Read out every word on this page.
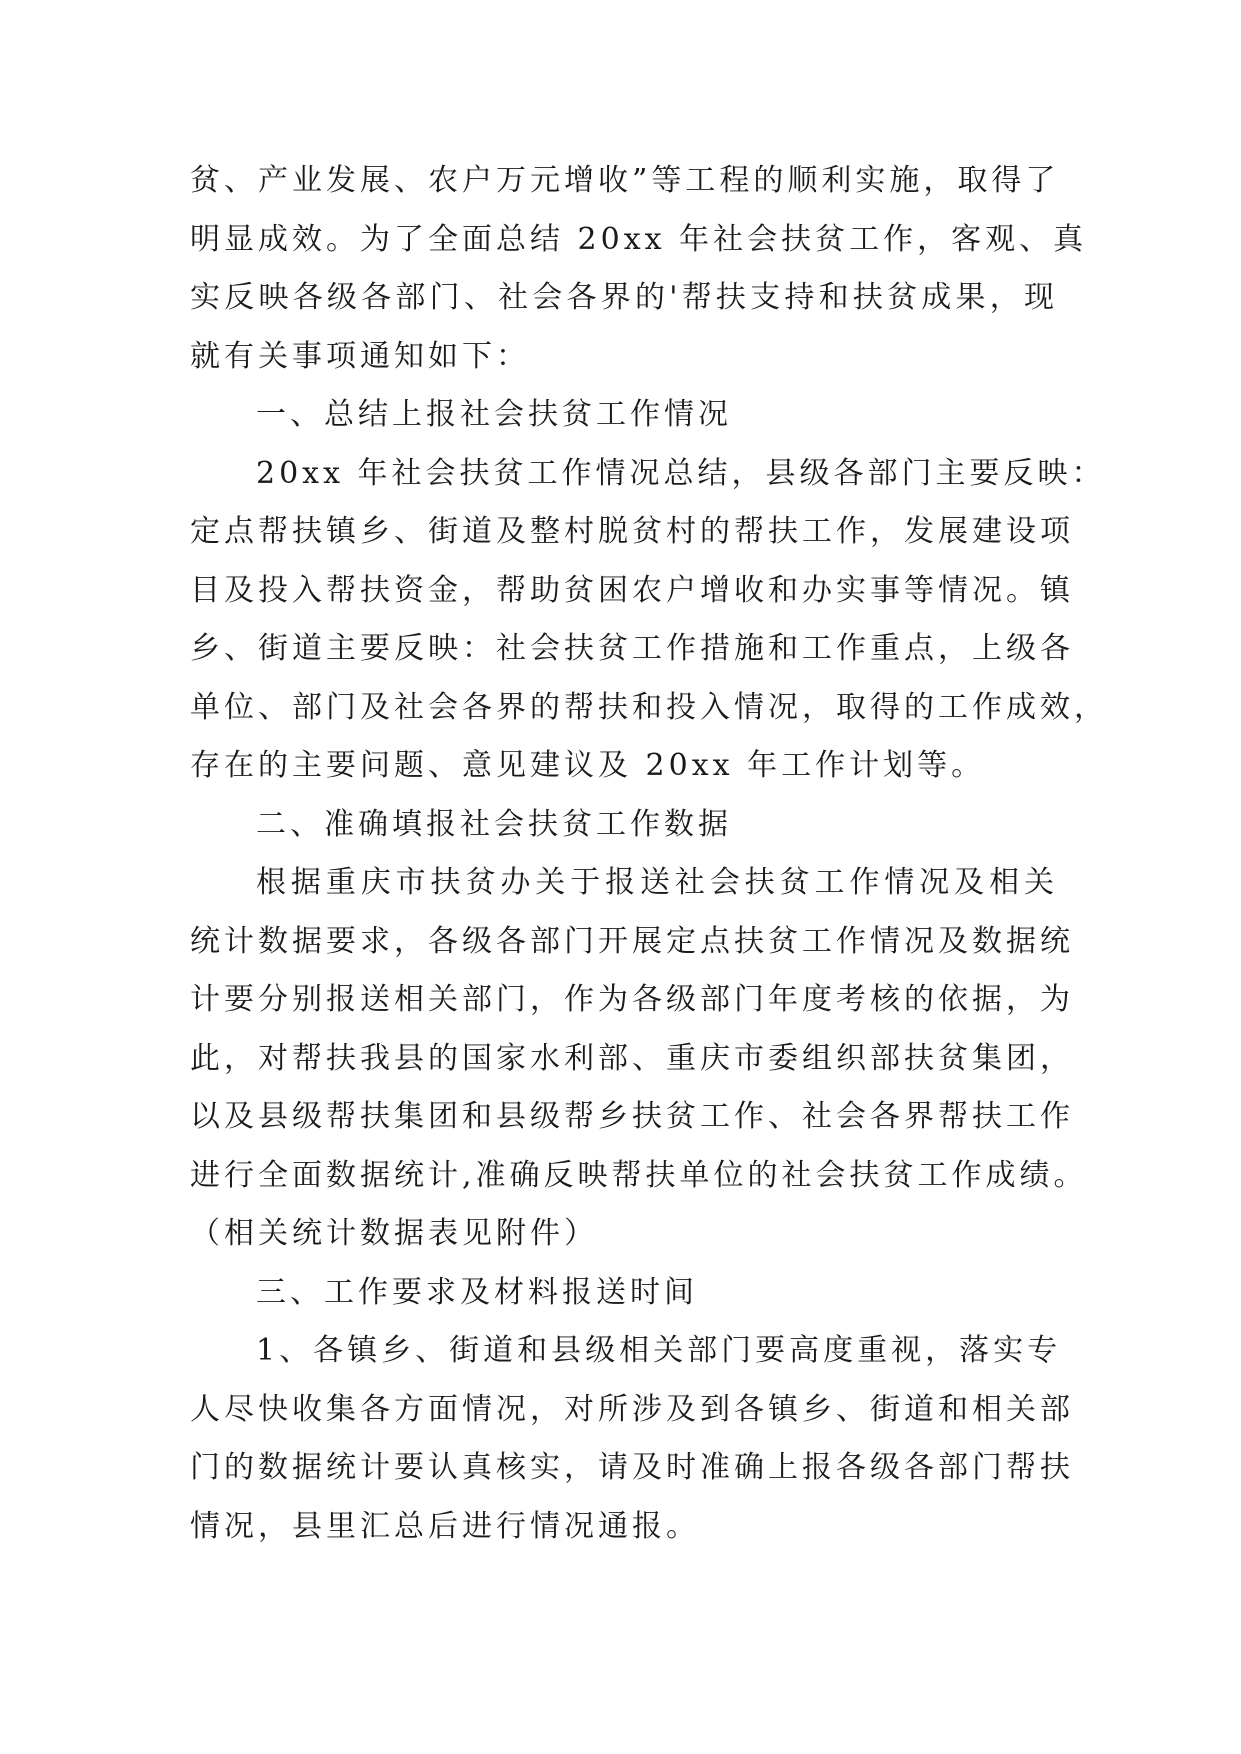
贫、产业发展、农户万元增收”等工程的顺利实施，取得了
明显成效。为了全面总结 20xx 年社会扶贫工作，客观、真
实反映各级各部门、社会各界的'帮扶支持和扶贫成果，现
就有关事项通知如下：
一、总结上报社会扶贫工作情况
20xx 年社会扶贫工作情况总结，县级各部门主要反映：
定点帮扶镇乡、街道及整村脱贫村的帮扶工作，发展建设项
目及投入帮扶资金，帮助贫困农户增收和办实事等情况。镇
乡、街道主要反映：社会扶贫工作措施和工作重点，上级各
单位、部门及社会各界的帮扶和投入情况，取得的工作成效，
存在的主要问题、意见建议及 20xx 年工作计划等。
二、准确填报社会扶贫工作数据
根据重庆市扶贫办关于报送社会扶贫工作情况及相关
统计数据要求，各级各部门开展定点扶贫工作情况及数据统
计要分别报送相关部门，作为各级部门年度考核的依据，为
此，对帮扶我县的国家水利部、重庆市委组织部扶贫集团，
以及县级帮扶集团和县级帮乡扶贫工作、社会各界帮扶工作
进行全面数据统计,准确反映帮扶单位的社会扶贫工作成绩。
（相关统计数据表见附件）
三、工作要求及材料报送时间
1、各镇乡、街道和县级相关部门要高度重视，落实专
人尽快收集各方面情况，对所涉及到各镇乡、街道和相关部
门的数据统计要认真核实，请及时准确上报各级各部门帮扶
情况，县里汇总后进行情况通报。
